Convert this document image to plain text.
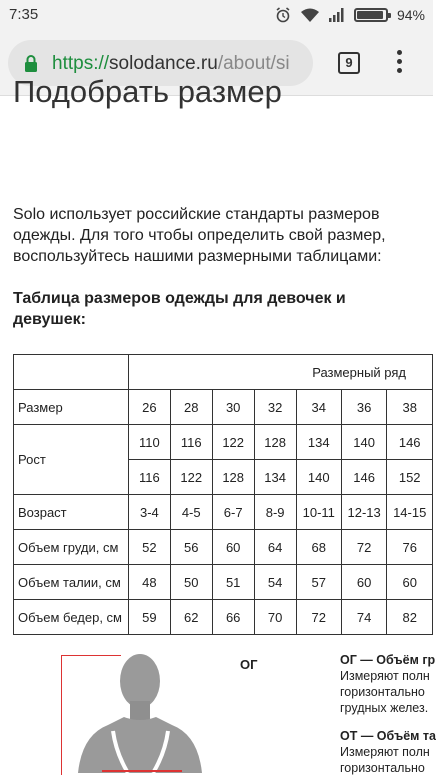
7:35	94%
https://solodance.ru/about/si	9
Подобрать размер

Solo использует российские стандарты размеров одежды. Для того чтобы определить свой размер, воспользуйтесь нашими размерными таблицами:

Таблица размеров одежды для девочек и девушек:

	Размерный ряд						
Размер	26	28	30	32	34	36	38
Рост	110	116	122	128	134	140	146
	116	122	128	134	140	146	152
Возраст	3-4	4-5	6-7	8-9	10-11	12-13	14-15
Объем груди, см	52	56	60	64	68	72	76
Объем талии, см	48	50	51	54	57	60	60
Объем бедер, см	59	62	66	70	72	74	82
ОГ	ОГ — Объём гр
Измеряют полн
горизонтально
грудных желез.
ОТ — Объём та
Измеряют полн
горизонтально
